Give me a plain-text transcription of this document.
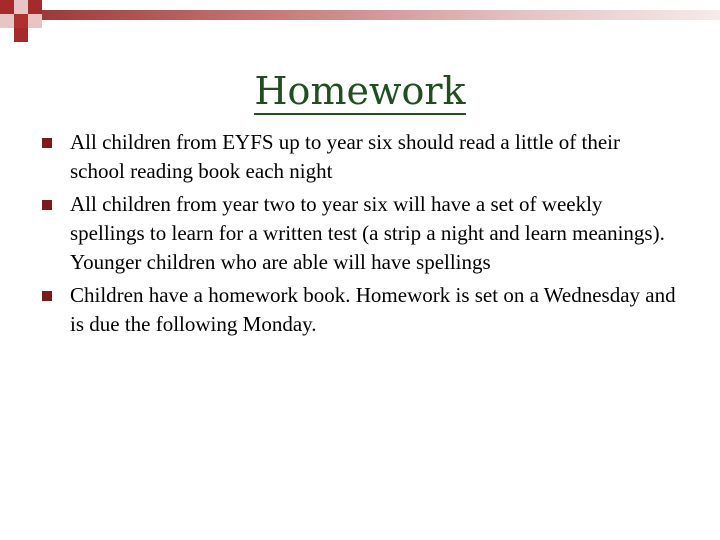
Homework
All children from EYFS up to year six should read a little of their school reading book each night
All children from year two to year six will have a set of weekly spellings to learn for a written test (a strip a night and learn meanings). Younger children who are able will have spellings
Children have a homework book. Homework is set on a Wednesday and is due the following Monday.
